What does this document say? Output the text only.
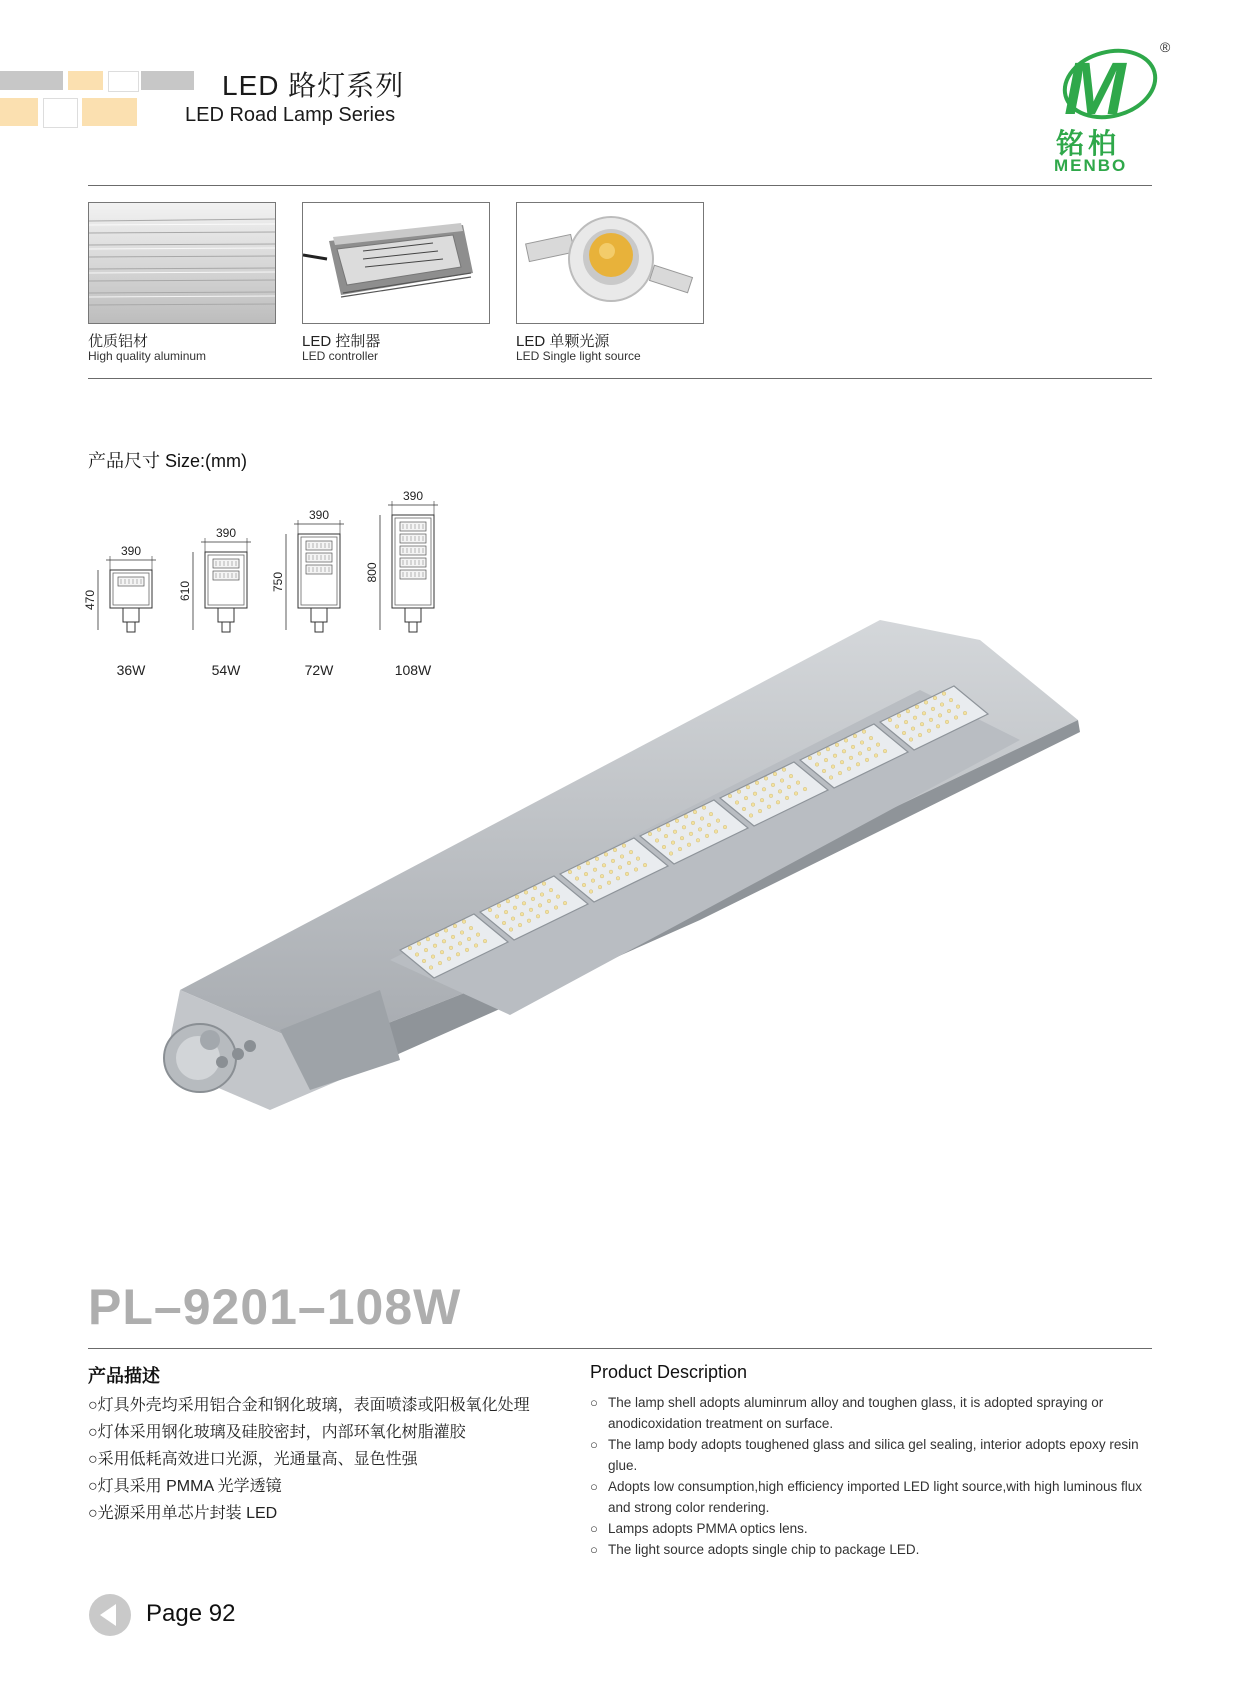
LED 路灯系列
LED Road Lamp Series	M ®
铭柏
MENBO
优质铝材
High quality aluminum
LED 控制器
LED controller
LED 单颗光源
LED Single light source
产品尺寸 Size:(mm)
390
470
36W
390
610
54W
390
750
72W
390
800
108W
PL–9201–108W
产品描述	Product Description
○灯具外壳均采用铝合金和钢化玻璃，表面喷漆或阳极氧化处理
○灯体采用钢化玻璃及硅胶密封，内部环氧化树脂灌胶
○采用低耗高效进口光源，光通量高、显色性强
○灯具采用 PMMA 光学透镜
○光源采用单芯片封装 LED
○ The lamp shell adopts aluminrum alloy and toughen glass, it is adopted spraying or anodicoxidation treatment on surface.
○ The lamp body adopts toughened glass and silica gel sealing, interior adopts epoxy resin glue.
○ Adopts low consumption,high efficiency imported LED light source,with high luminous flux and strong color rendering.
○ Lamps adopts PMMA optics lens.
○ The light source adopts single chip to package LED.
Page 92
